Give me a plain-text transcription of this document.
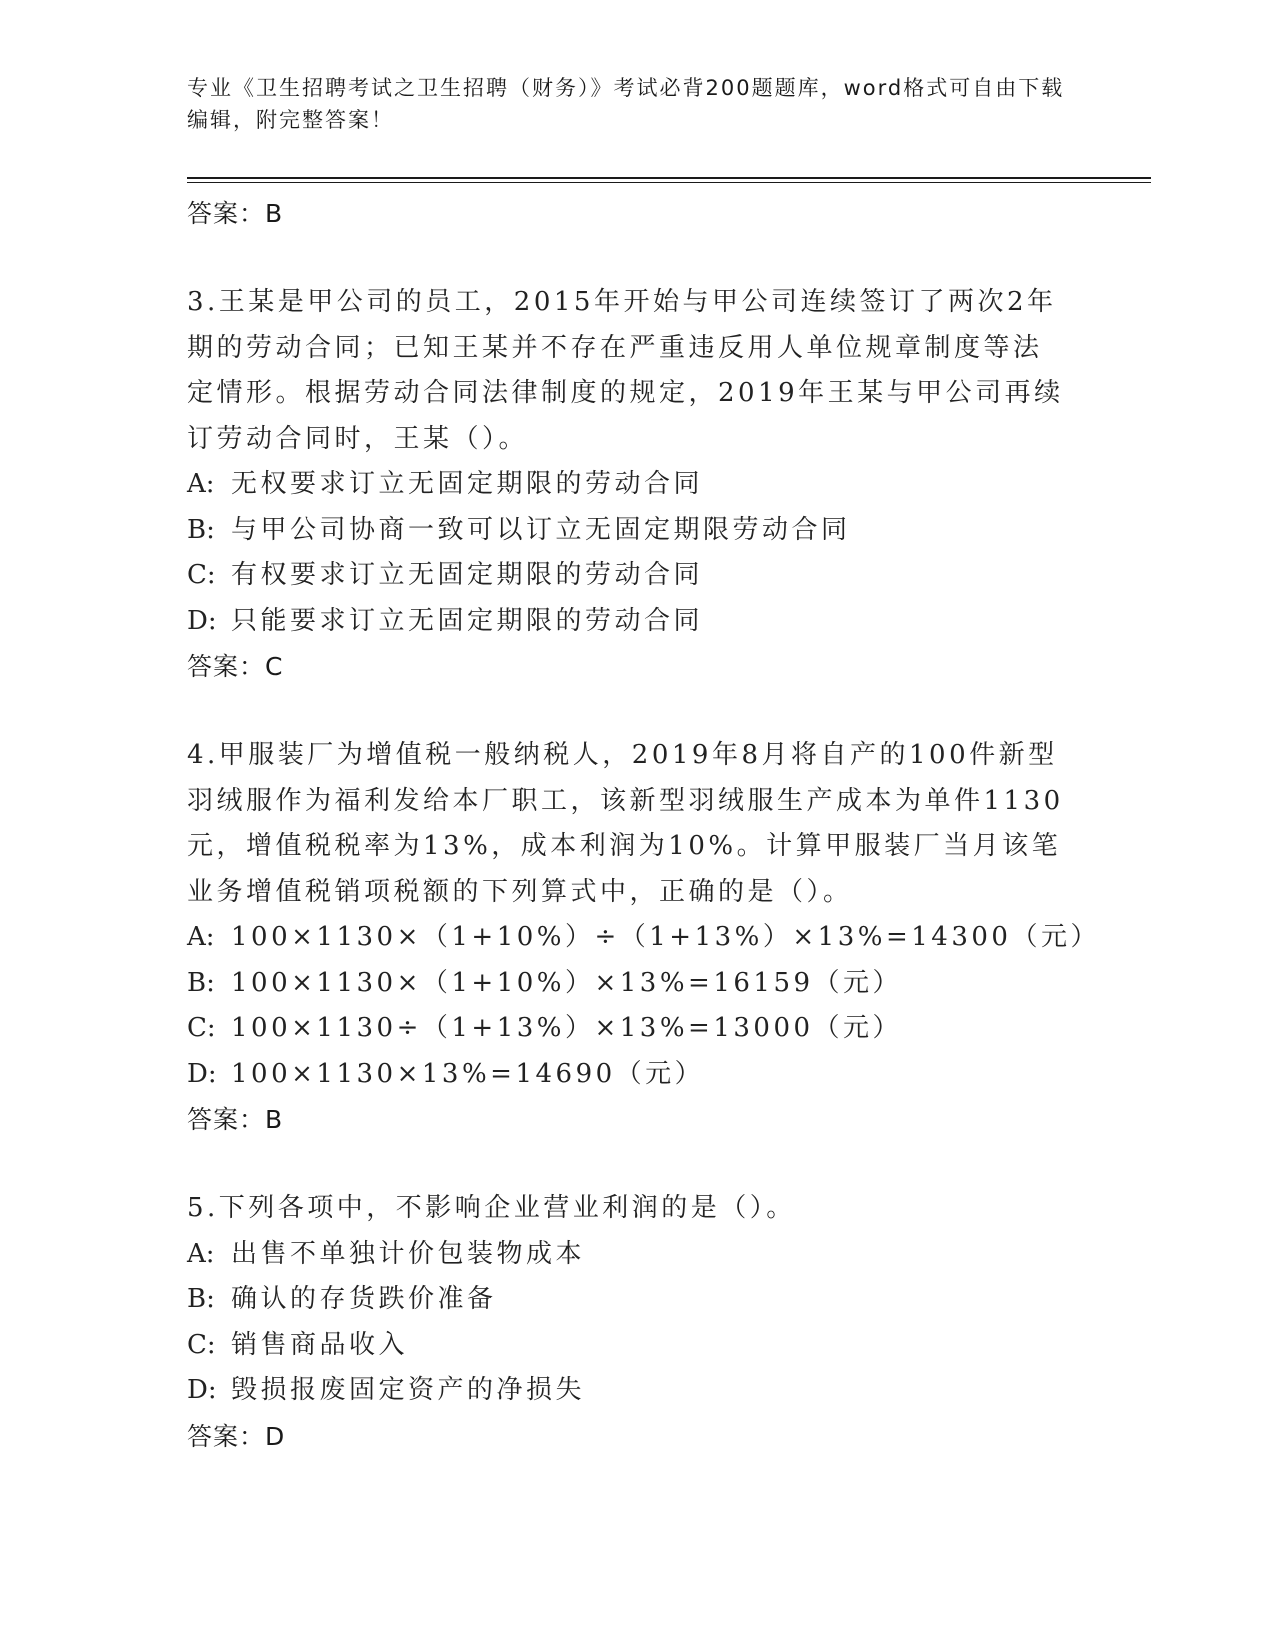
专业《卫生招聘考试之卫生招聘（财务）》考试必背200题题库，word格式可自由下载编辑，附完整答案！
答案：B
3.王某是甲公司的员工，2015年开始与甲公司连续签订了两次2年期的劳动合同；已知王某并不存在严重违反用人单位规章制度等法定情形。根据劳动合同法律制度的规定，2019年王某与甲公司再续订劳动合同时，王某（）。
A: 无权要求订立无固定期限的劳动合同
B: 与甲公司协商一致可以订立无固定期限劳动合同
C: 有权要求订立无固定期限的劳动合同
D: 只能要求订立无固定期限的劳动合同
答案：C
4.甲服装厂为增值税一般纳税人，2019年8月将自产的100件新型羽绒服作为福利发给本厂职工，该新型羽绒服生产成本为单件1130元，增值税税率为13%，成本利润为10%。计算甲服装厂当月该笔业务增值税销项税额的下列算式中，正确的是（）。
A: 100×1130×（1+10%）÷（1+13%）×13%=14300（元）
B: 100×1130×（1+10%）×13%=16159（元）
C: 100×1130÷（1+13%）×13%=13000（元）
D: 100×1130×13%=14690（元）
答案：B
5.下列各项中，不影响企业营业利润的是（）。
A: 出售不单独计价包装物成本
B: 确认的存货跌价准备
C: 销售商品收入
D: 毁损报废固定资产的净损失
答案：D
